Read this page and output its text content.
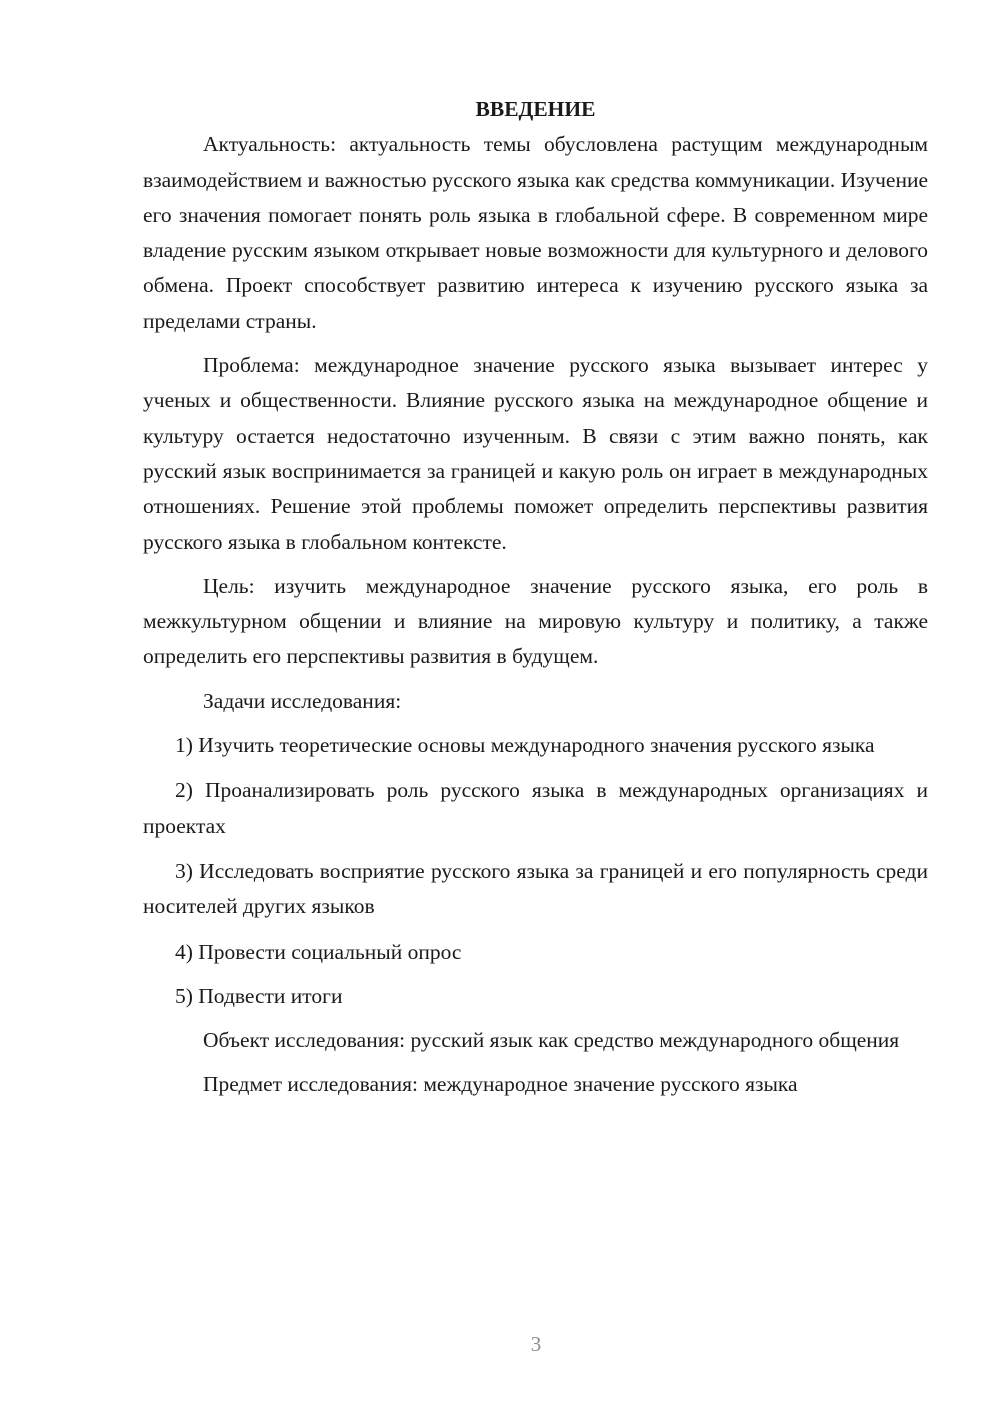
ВВЕДЕНИЕ

Актуальность: актуальность темы обусловлена растущим международным взаимодействием и важностью русского языка как средства коммуникации. Изучение его значения помогает понять роль языка в глобальной сфере. В современном мире владение русским языком открывает новые возможности для культурного и делового обмена. Проект способствует развитию интереса к изучению русского языка за пределами страны.

Проблема: международное значение русского языка вызывает интерес у ученых и общественности. Влияние русского языка на международное общение и культуру остается недостаточно изученным. В связи с этим важно понять, как русский язык воспринимается за границей и какую роль он играет в международных отношениях. Решение этой проблемы поможет определить перспективы развития русского языка в глобальном контексте.

Цель: изучить международное значение русского языка, его роль в межкультурном общении и влияние на мировую культуру и политику, а также определить его перспективы развития в будущем.

Задачи исследования:

1) Изучить теоретические основы международного значения русского языка

2) Проанализировать роль русского языка в международных организациях и проектах

3) Исследовать восприятие русского языка за границей и его популярность среди носителей других языков

4) Провести социальный опрос

5) Подвести итоги

Объект исследования: русский язык как средство международного общения

Предмет исследования: международное значение русского языка

3
